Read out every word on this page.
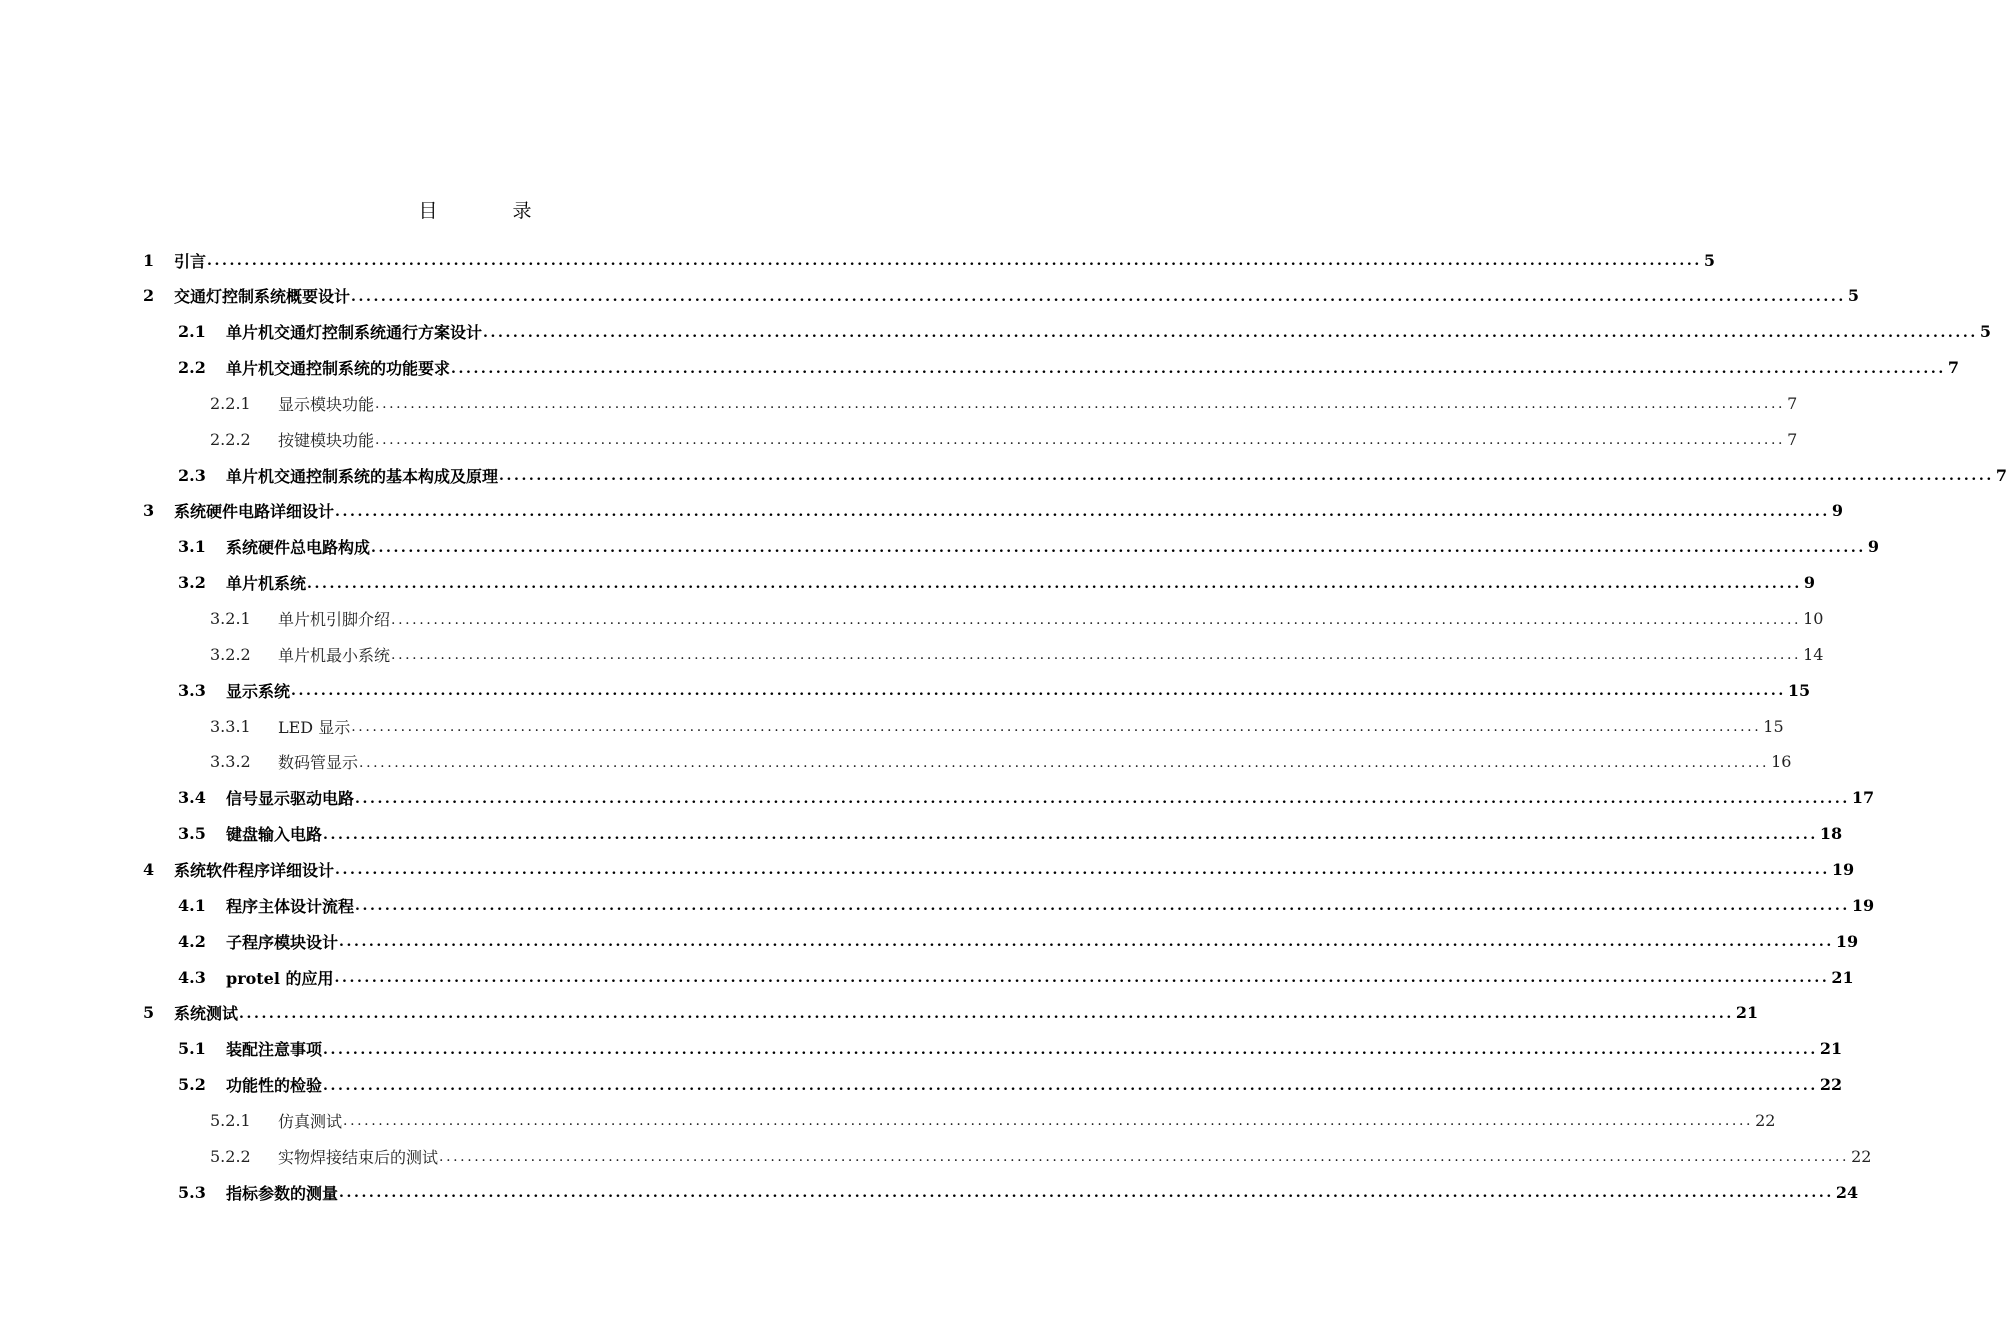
目　录
1	引言 ........................................................................................................................................................................................................ 5
2	交通灯控制系统概要设计 ........................................................................................................................................................................................................ 5
2.1	单片机交通灯控制系统通行方案设计 ........................................................................................................................................................................................................ 5
2.2	单片机交通控制系统的功能要求 ........................................................................................................................................................................................................ 7
2.2.1	显示模块功能 ........................................................................................................................................................................................................ 7
2.2.2	按键模块功能 ........................................................................................................................................................................................................ 7
2.3	单片机交通控制系统的基本构成及原理 ........................................................................................................................................................................................................ 7
3	系统硬件电路详细设计 ........................................................................................................................................................................................................ 9
3.1	系统硬件总电路构成 ........................................................................................................................................................................................................ 9
3.2	单片机系统 ........................................................................................................................................................................................................ 9
3.2.1	单片机引脚介绍 ........................................................................................................................................................................................................ 10
3.2.2	单片机最小系统 ........................................................................................................................................................................................................ 14
3.3	显示系统 ........................................................................................................................................................................................................ 15
3.3.1	LED 显示 ........................................................................................................................................................................................................ 15
3.3.2	数码管显示 ........................................................................................................................................................................................................ 16
3.4	信号显示驱动电路 ........................................................................................................................................................................................................ 17
3.5	键盘输入电路 ........................................................................................................................................................................................................ 18
4	系统软件程序详细设计 ........................................................................................................................................................................................................ 19
4.1	程序主体设计流程 ........................................................................................................................................................................................................ 19
4.2	子程序模块设计 ........................................................................................................................................................................................................ 19
4.3	protel 的应用 ........................................................................................................................................................................................................ 21
5	系统测试 ........................................................................................................................................................................................................ 21
5.1	装配注意事项 ........................................................................................................................................................................................................ 21
5.2	功能性的检验 ........................................................................................................................................................................................................ 22
5.2.1	仿真测试 ........................................................................................................................................................................................................ 22
5.2.2	实物焊接结束后的测试 ........................................................................................................................................................................................................ 22
5.3	指标参数的测量 ........................................................................................................................................................................................................ 24
